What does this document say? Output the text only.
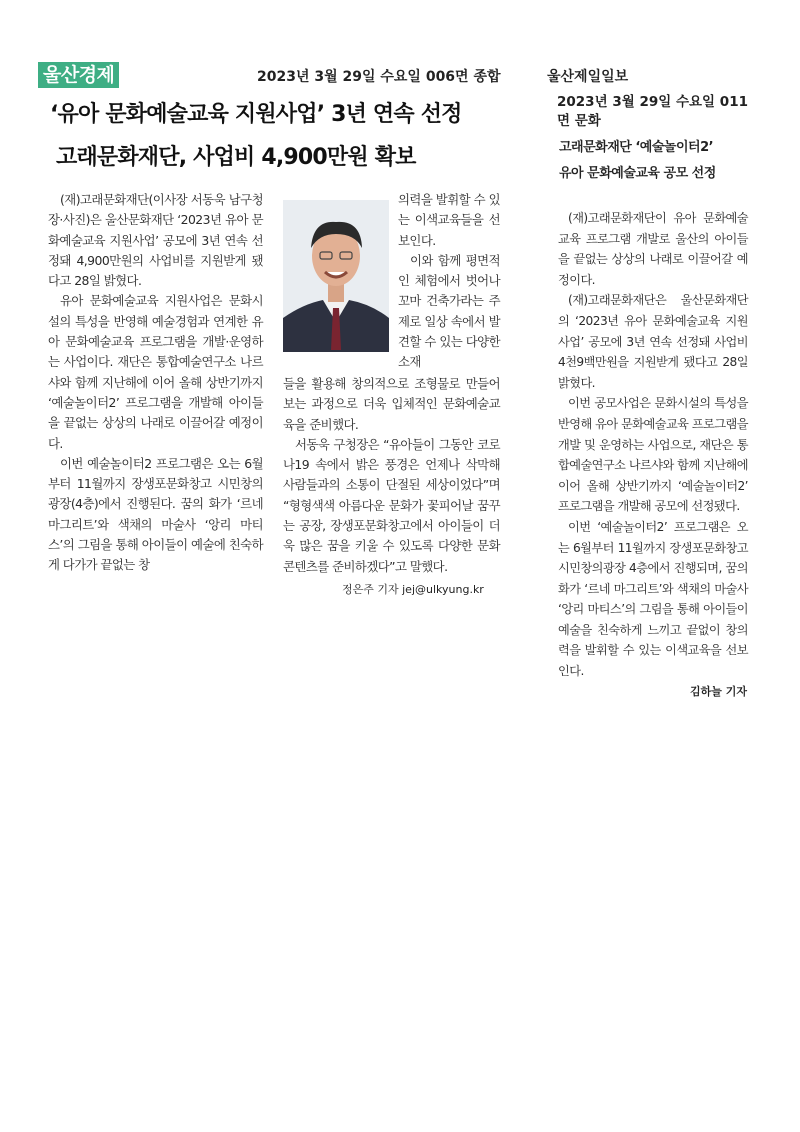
울산경제	2023년 3월 29일 수요일 006면 종합
‘유아 문화예술교육 지원사업’ 3년 연속 선정
고래문화재단, 사업비 4,900만원 확보

(재)고래문화재단(이사장 서동욱 남구청장·사진)은 울산문화재단 ‘2023년 유아 문화예술교육 지원사업’ 공모에 3년 연속 선정돼 4,900만원의 사업비를 지원받게 됐다고 28일 밝혔다.

유아 문화예술교육 지원사업은 문화시설의 특성을 반영해 예술경험과 연계한 유아 문화예술교육 프로그램을 개발·운영하는 사업이다. 재단은 통합예술연구소 나르샤와 함께 지난해에 이어 올해 상반기까지 ‘예술놀이터2’ 프로그램을 개발해 아이들을 끝없는 상상의 나래로 이끌어갈 예정이다.

이번 예술놀이터2 프로그램은 오는 6월부터 11월까지 장생포문화창고 시민창의광장(4층)에서 진행된다. 꿈의 화가 ‘르네 마그리트’와 색채의 마술사 ‘앙리 마티스’의 그림을 통해 아이들이 예술에 친숙하게 다가가 끝없는 창

의력을 발휘할 수 있는 이색교육들을 선보인다.

이와 함께 평면적인 체험에서 벗어나 꼬마 건축가라는 주제로 일상 속에서 발견할 수 있는 다양한 소재

들을 활용해 창의적으로 조형물로 만들어보는 과정으로 더욱 입체적인 문화예술교육을 준비했다.

서동욱 구청장은 “유아들이 그동안 코로나19 속에서 밝은 풍경은 언제나 삭막해 사람들과의 소통이 단절된 세상이었다”며 “형형색색 아름다운 문화가 꽃피어날 꿈꾸는 공장, 장생포문화창고에서 아이들이 더욱 많은 꿈을 키울 수 있도록 다양한 문화콘텐츠를 준비하겠다”고 말했다.

정은주 기자 jej@ulkyung.kr
울산제일일보
2023년 3월 29일 수요일 011
면 문화
고래문화재단 ‘예술놀이터2’
유아 문화예술교육 공모 선정

(재)고래문화재단이 유아 문화예술 교육 프로그램 개발로 울산의 아이들을 끝없는 상상의 나래로 이끌어갈 예정이다.

(재)고래문화재단은 울산문화재단의 ‘2023년 유아 문화예술교육 지원사업’ 공모에 3년 연속 선정돼 사업비 4천9백만원을 지원받게 됐다고 28일 밝혔다.

이번 공모사업은 문화시설의 특성을 반영해 유아 문화예술교육 프로그램을 개발 및 운영하는 사업으로, 재단은 통합예술연구소 나르샤와 함께 지난해에 이어 올해 상반기까지 ‘예술놀이터2’ 프로그램을 개발해 공모에 선정됐다.

이번 ‘예술놀이터2’ 프로그램은 오는 6월부터 11월까지 장생포문화창고 시민창의광장 4층에서 진행되며, 꿈의 화가 ‘르네 마그리트’와 색채의 마술사 ‘앙리 마티스’의 그림을 통해 아이들이 예술을 친숙하게 느끼고 끝없이 창의력을 발휘할 수 있는 이색교육을 선보인다.

김하늘 기자
